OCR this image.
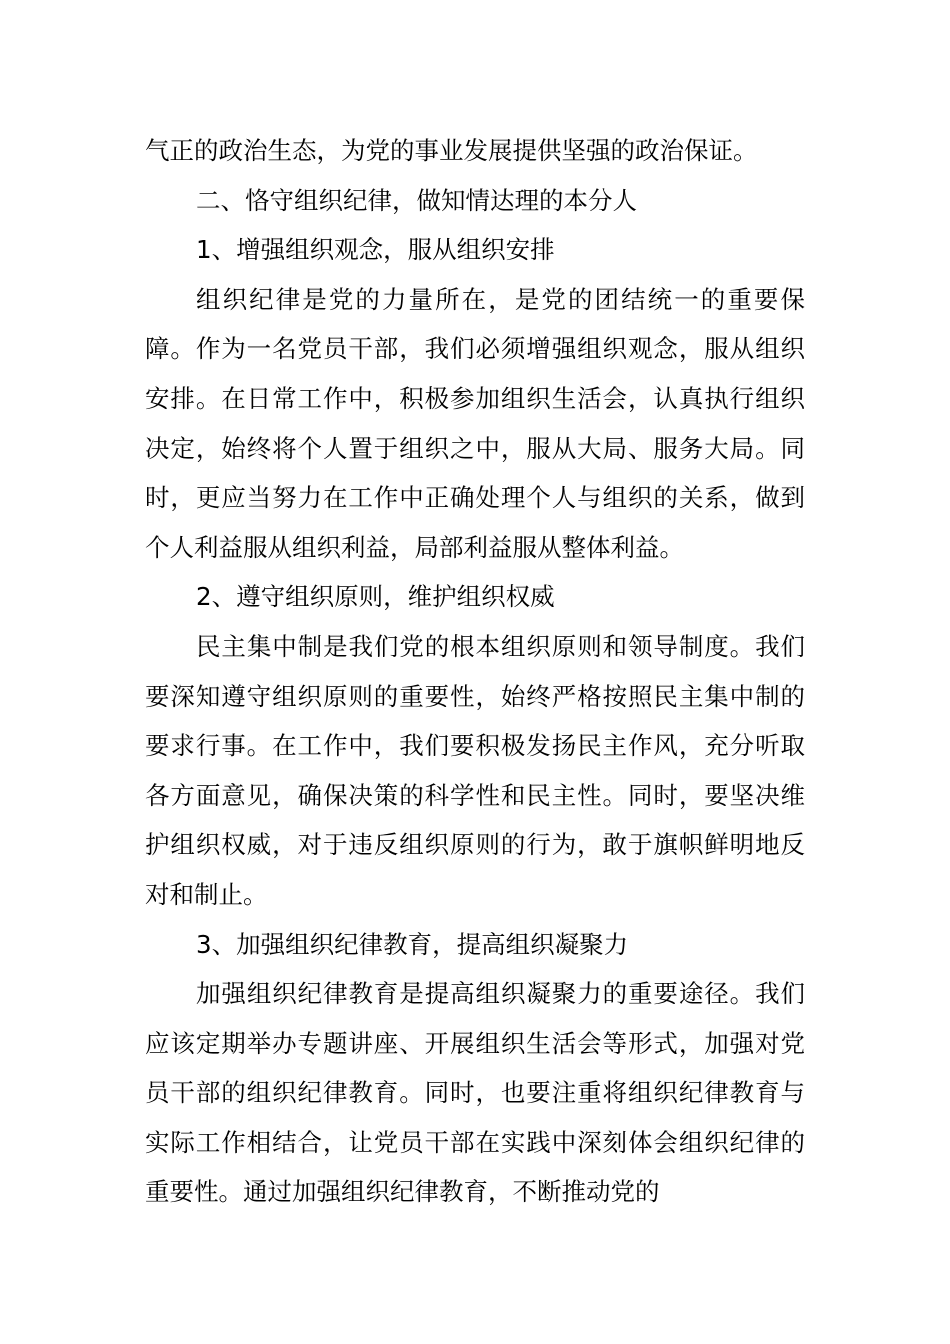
气正的政治生态，为党的事业发展提供坚强的政治保证。

二、恪守组织纪律，做知情达理的本分人

1、增强组织观念，服从组织安排

组织纪律是党的力量所在，是党的团结统一的重要保障。作为一名党员干部，我们必须增强组织观念，服从组织安排。在日常工作中，积极参加组织生活会，认真执行组织决定，始终将个人置于组织之中，服从大局、服务大局。同时，更应当努力在工作中正确处理个人与组织的关系，做到个人利益服从组织利益，局部利益服从整体利益。

2、遵守组织原则，维护组织权威

民主集中制是我们党的根本组织原则和领导制度。我们要深知遵守组织原则的重要性，始终严格按照民主集中制的要求行事。在工作中，我们要积极发扬民主作风，充分听取各方面意见，确保决策的科学性和民主性。同时，要坚决维护组织权威，对于违反组织原则的行为，敢于旗帜鲜明地反对和制止。

3、加强组织纪律教育，提高组织凝聚力

加强组织纪律教育是提高组织凝聚力的重要途径。我们应该定期举办专题讲座、开展组织生活会等形式，加强对党员干部的组织纪律教育。同时，也要注重将组织纪律教育与实际工作相结合，让党员干部在实践中深刻体会组织纪律的重要性。通过加强组织纪律教育，不断推动党的
